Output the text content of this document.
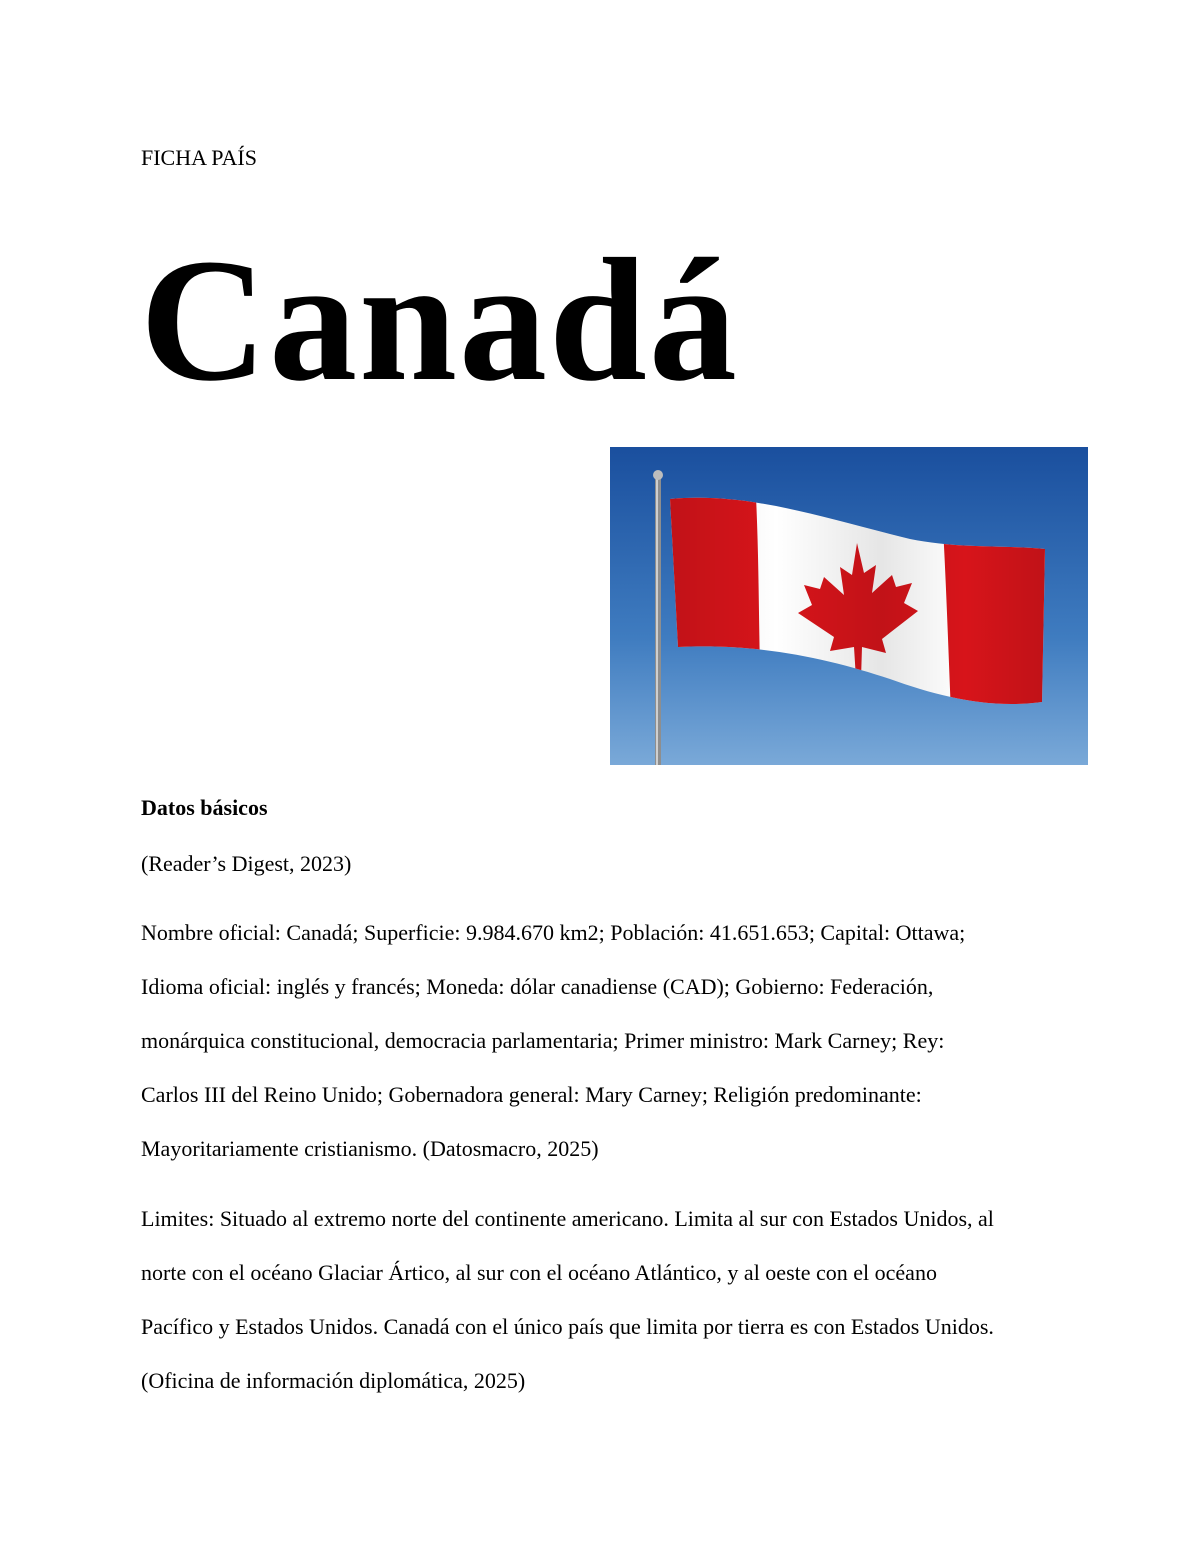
FICHA PAÍS
Canadá
Datos básicos
(Reader’s Digest, 2023)
Nombre oficial: Canadá; Superficie: 9.984.670 km2; Población: 41.651.653; Capital: Ottawa;
Idioma oficial: inglés y francés; Moneda: dólar canadiense (CAD); Gobierno: Federación,
monárquica constitucional, democracia parlamentaria; Primer ministro: Mark Carney; Rey:
Carlos III del Reino Unido; Gobernadora general: Mary Carney; Religión predominante:
Mayoritariamente cristianismo. (Datosmacro, 2025)
Limites: Situado al extremo norte del continente americano. Limita al sur con Estados Unidos, al
norte con el océano Glaciar Ártico, al sur con el océano Atlántico, y al oeste con el océano
Pacífico y Estados Unidos. Canadá con el único país que limita por tierra es con Estados Unidos.
(Oficina de información diplomática, 2025)
